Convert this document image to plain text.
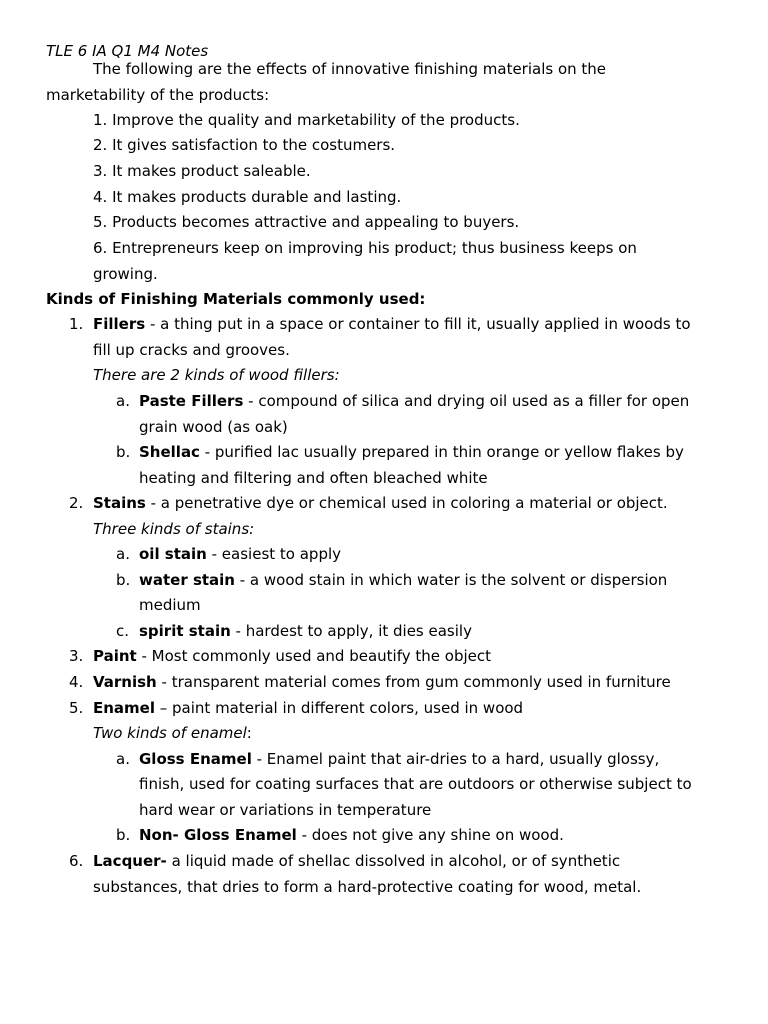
TLE 6 IA Q1 M4 Notes
The following are the effects of innovative finishing materials on the
marketability of the products:
1. Improve the quality and marketability of the products.
2. It gives satisfaction to the costumers.
3. It makes product saleable.
4. It makes products durable and lasting.
5. Products becomes attractive and appealing to buyers.
6. Entrepreneurs keep on improving his product; thus business keeps on
growing.
Kinds of Finishing Materials commonly used:
1. Fillers - a thing put in a space or container to fill it, usually applied in woods to
fill up cracks and grooves.
There are 2 kinds of wood fillers:
a. Paste Fillers - compound of silica and drying oil used as a filler for open
grain wood (as oak)
b. Shellac - purified lac usually prepared in thin orange or yellow flakes by
heating and filtering and often bleached white
2. Stains - a penetrative dye or chemical used in coloring a material or object.
Three kinds of stains:
a. oil stain - easiest to apply
b. water stain - a wood stain in which water is the solvent or dispersion
medium
c. spirit stain - hardest to apply, it dies easily
3. Paint - Most commonly used and beautify the object
4. Varnish - transparent material comes from gum commonly used in furniture
5. Enamel – paint material in different colors, used in wood
Two kinds of enamel:
a. Gloss Enamel - Enamel paint that air-dries to a hard, usually glossy,
finish, used for coating surfaces that are outdoors or otherwise subject to
hard wear or variations in temperature
b. Non- Gloss Enamel - does not give any shine on wood.
6. Lacquer- a liquid made of shellac dissolved in alcohol, or of synthetic
substances, that dries to form a hard-protective coating for wood, metal.
